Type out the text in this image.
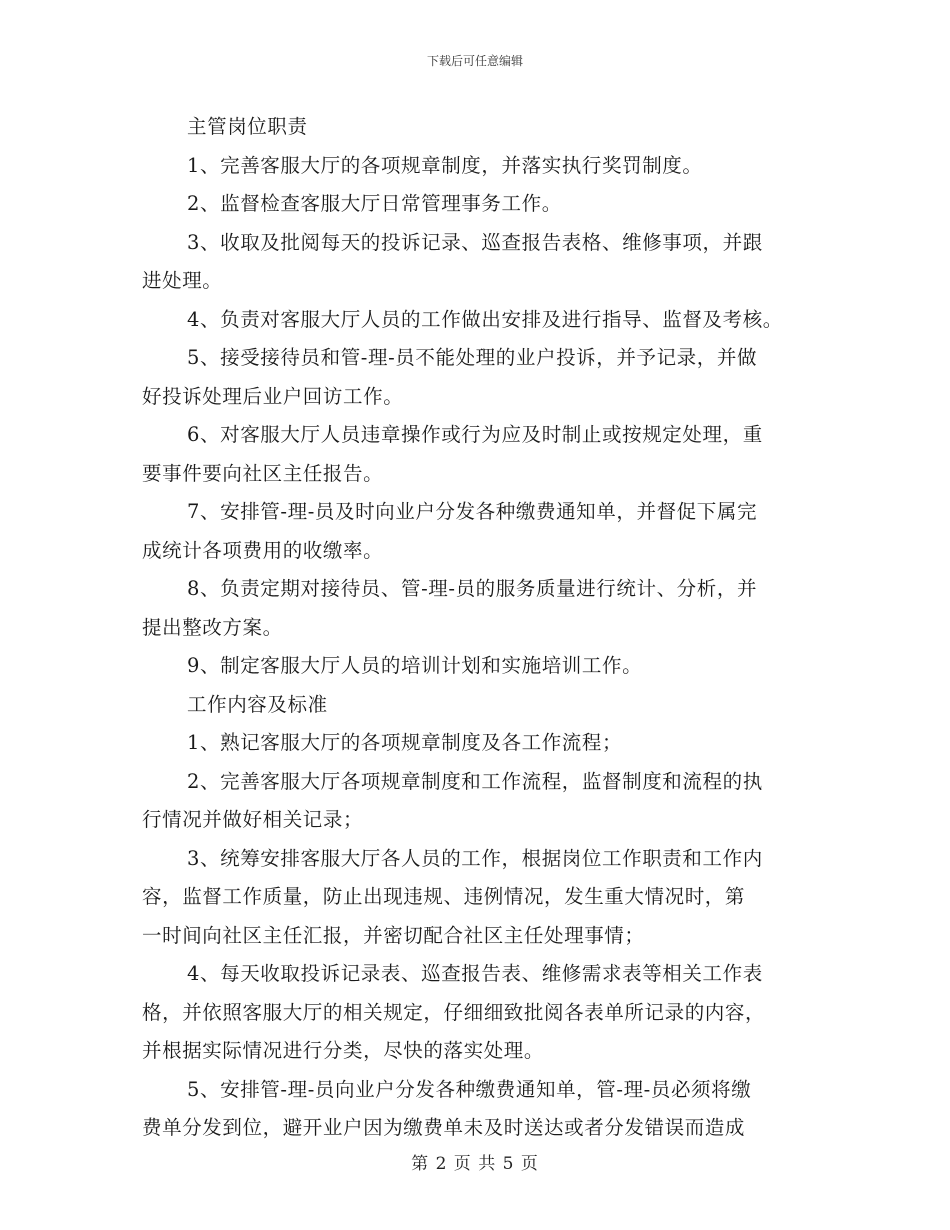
下载后可任意编辑
主管岗位职责
1、完善客服大厅的各项规章制度，并落实执行奖罚制度。
2、监督检查客服大厅日常管理事务工作。
3、收取及批阅每天的投诉记录、巡查报告表格、维修事项，并跟
进处理。
4、负责对客服大厅人员的工作做出安排及进行指导、监督及考核。
5、接受接待员和管-理-员不能处理的业户投诉，并予记录，并做
好投诉处理后业户回访工作。
6、对客服大厅人员违章操作或行为应及时制止或按规定处理，重
要事件要向社区主任报告。
7、安排管-理-员及时向业户分发各种缴费通知单，并督促下属完
成统计各项费用的收缴率。
8、负责定期对接待员、管-理-员的服务质量进行统计、分析，并
提出整改方案。
9、制定客服大厅人员的培训计划和实施培训工作。
工作内容及标准
1、熟记客服大厅的各项规章制度及各工作流程；
2、完善客服大厅各项规章制度和工作流程，监督制度和流程的执
行情况并做好相关记录；
3、统筹安排客服大厅各人员的工作，根据岗位工作职责和工作内
容，监督工作质量，防止出现违规、违例情况，发生重大情况时，第
一时间向社区主任汇报，并密切配合社区主任处理事情；
4、每天收取投诉记录表、巡查报告表、维修需求表等相关工作表
格，并依照客服大厅的相关规定，仔细细致批阅各表单所记录的内容，
并根据实际情况进行分类，尽快的落实处理。
5、安排管-理-员向业户分发各种缴费通知单，管-理-员必须将缴
费单分发到位，避开业户因为缴费单未及时送达或者分发错误而造成
第 2 页 共 5 页
